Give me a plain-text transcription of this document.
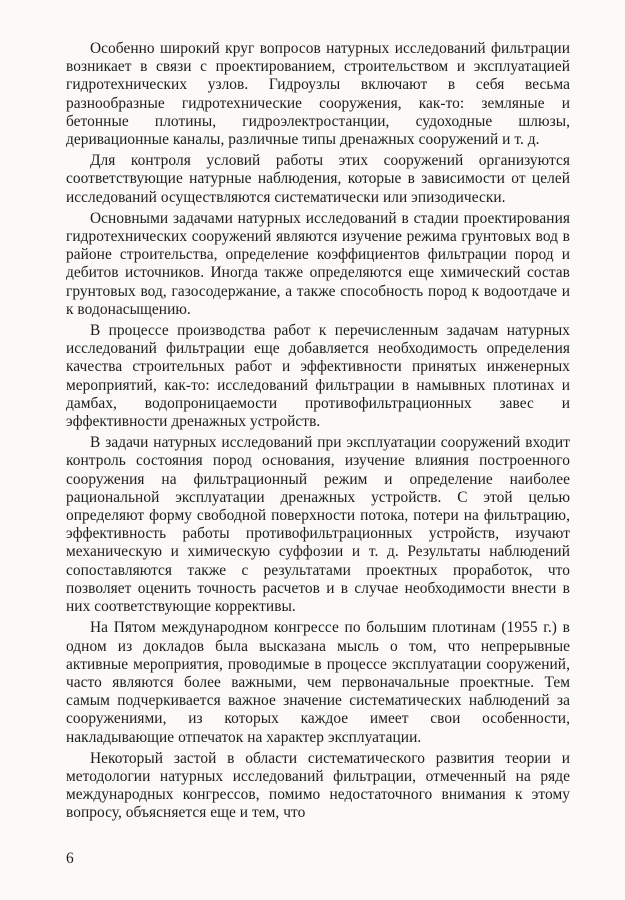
Особенно широкий круг вопросов натурных исследований фильтрации возникает в связи с проектированием, строительством и эксплуатацией гидротехнических узлов. Гидроузлы включают в себя весьма разнообразные гидротехнические сооружения, как-то: земляные и бетонные плотины, гидроэлектростанции, судоходные шлюзы, деривационные каналы, различные типы дренажных сооружений и т. д.

Для контроля условий работы этих сооружений организуются соответствующие натурные наблюдения, которые в зависимости от целей исследований осуществляются систематически или эпизодически.

Основными задачами натурных исследований в стадии проектирования гидротехнических сооружений являются изучение режима грунтовых вод в районе строительства, определение коэффициентов фильтрации пород и дебитов источников. Иногда также определяются еще химический состав грунтовых вод, газосодержание, а также способность пород к водоотдаче и к водонасыщению.

В процессе производства работ к перечисленным задачам натурных исследований фильтрации еще добавляется необходимость определения качества строительных работ и эффективности принятых инженерных мероприятий, как-то: исследований фильтрации в намывных плотинах и дамбах, водопроницаемости противофильтрационных завес и эффективности дренажных устройств.

В задачи натурных исследований при эксплуатации сооружений входит контроль состояния пород основания, изучение влияния построенного сооружения на фильтрационный режим и определение наиболее рациональной эксплуатации дренажных устройств. С этой целью определяют форму свободной поверхности потока, потери на фильтрацию, эффективность работы противофильтрационных устройств, изучают механическую и химическую суффозии и т. д. Результаты наблюдений сопоставляются также с результатами проектных проработок, что позволяет оценить точность расчетов и в случае необходимости внести в них соответствующие коррективы.

На Пятом международном конгрессе по большим плотинам (1955 г.) в одном из докладов была высказана мысль о том, что непрерывные активные мероприятия, проводимые в процессе эксплуатации сооружений, часто являются более важными, чем первоначальные проектные. Тем самым подчеркивается важное значение систематических наблюдений за сооружениями, из которых каждое имеет свои особенности, накладывающие отпечаток на характер эксплуатации.

Некоторый застой в области систематического развития теории и методологии натурных исследований фильтрации, отмеченный на ряде международных конгрессов, помимо недостаточного внимания к этому вопросу, объясняется еще и тем, что

6
